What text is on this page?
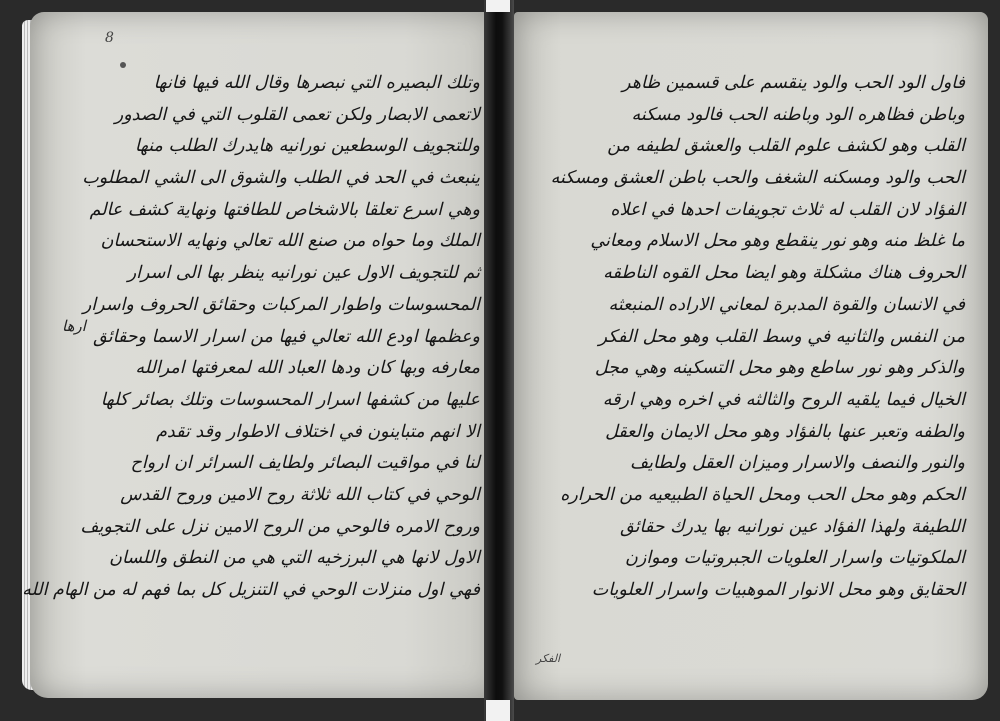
8
وتلك البصيره التي نبصرها وقال الله فيها فانها
لاتعمى الابصار ولكن تعمى القلوب التي في الصدور
وللتجويف الوسطعين نورانيه هايدرك الطلب منها
ينبعث في الحد في الطلب والشوق الى الشي المطلوب
وهي اسرع تعلقا بالاشخاص للطافتها ونهاية كشف عالم
الملك وما حواه من صنع الله تعالي ونهايه الاستحسان
ثم للتجويف الاول عين نورانيه ينظر بها الى اسرار
المحسوسات واطوار المركبات وحقائق الحروف واسرار
وعظمها اودع الله تعالي فيها من اسرار الاسما وحقائق
معارفه وبها كان ودها العباد الله لمعرفتها امرالله
عليها من كشفها اسرار المحسوسات وتلك بصائر كلها
الا انهم متباينون في اختلاف الاطوار وقد تقدم
لنا في مواقيت البصائر ولطايف السرائر ان ارواح
الوحي في كتاب الله ثلاثة روح الامين وروح القدس
وروح الامره فالوحي من الروح الامين نزل على التجويف
الاول لانها هي البرزخيه التي هي من النطق واللسان
فهي اول منزلات الوحي في التنزيل كل بما فهم له من الهام الله
ارها
فاول الود الحب والود ينقسم على قسمين ظاهر
وباطن فظاهره الود وباطنه الحب فالود مسكنه
القلب وهو لكشف علوم القلب والعشق لطيفه من
الحب والود ومسكنه الشغف والحب باطن العشق ومسكنه
الفؤاد لان القلب له ثلاث تجويفات احدها في اعلاه
ما غلظ منه وهو نور ينقطع وهو محل الاسلام ومعاني
الحروف هناك مشكلة وهو ايضا محل القوه الناطقه
في الانسان والقوة المدبرة لمعاني الاراده المنبعثه
من النفس والثانيه في وسط القلب وهو محل الفكر
والذكر وهو نور ساطع وهو محل التسكينه وهي مجل
الخيال فيما يلقيه الروح والثالثه في اخره وهي ارقه
والطفه وتعبر عنها بالفؤاد وهو محل الايمان والعقل
والنور والنصف والاسرار وميزان العقل ولطايف
الحكم وهو محل الحب ومحل الحياة الطبيعيه من الحراره
اللطيفة ولهذا الفؤاد عين نورانيه بها يدرك حقائق
الملكوتيات واسرار العلويات الجبروتيات وموازن
الحقايق وهو محل الانوار الموهبيات واسرار العلويات
الفكر
